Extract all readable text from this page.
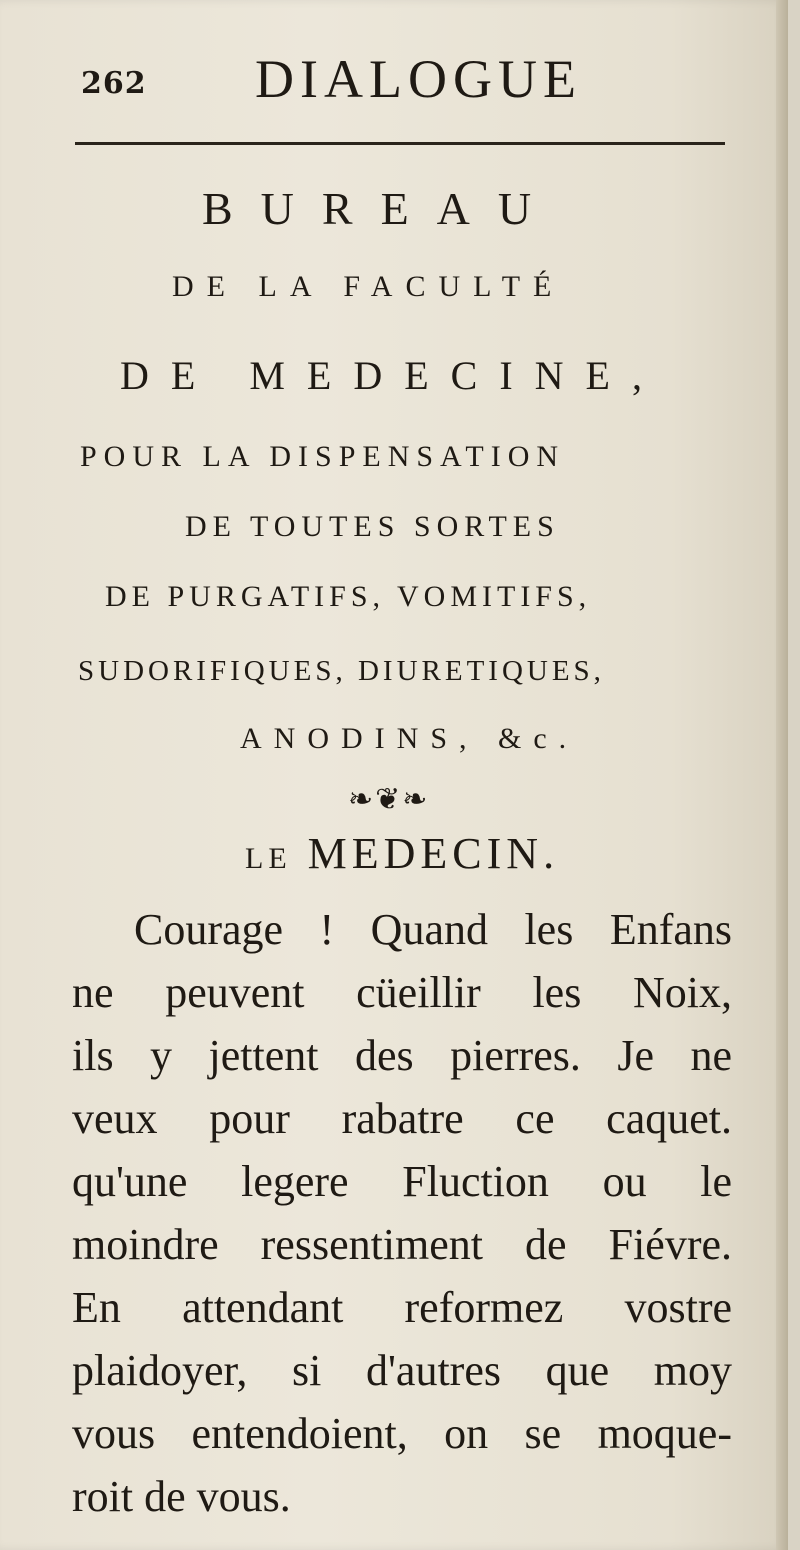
262 DIALOGUE
BUREAU
DE LA FACULTÉ
DE MEDECINE,
POUR LA DISPENSATION
DE TOUTES SORTES
DE PURGATIFS, VOMITIFS,
SUDORIFIQUES, DIURETIQUES,
ANODINS, &c.
❧❦❧
LE MEDECIN.
Courage ! Quand les Enfans
ne peuvent cüeillir les Noix,
ils y jettent des pierres. Je ne
veux pour rabatre ce caquet.
qu'une legere Fluction ou le
moindre ressentiment de Fiévre.
En attendant reformez vostre
plaidoyer, si d'autres que moy
vous entendoient, on se moque-
roit de vous.
